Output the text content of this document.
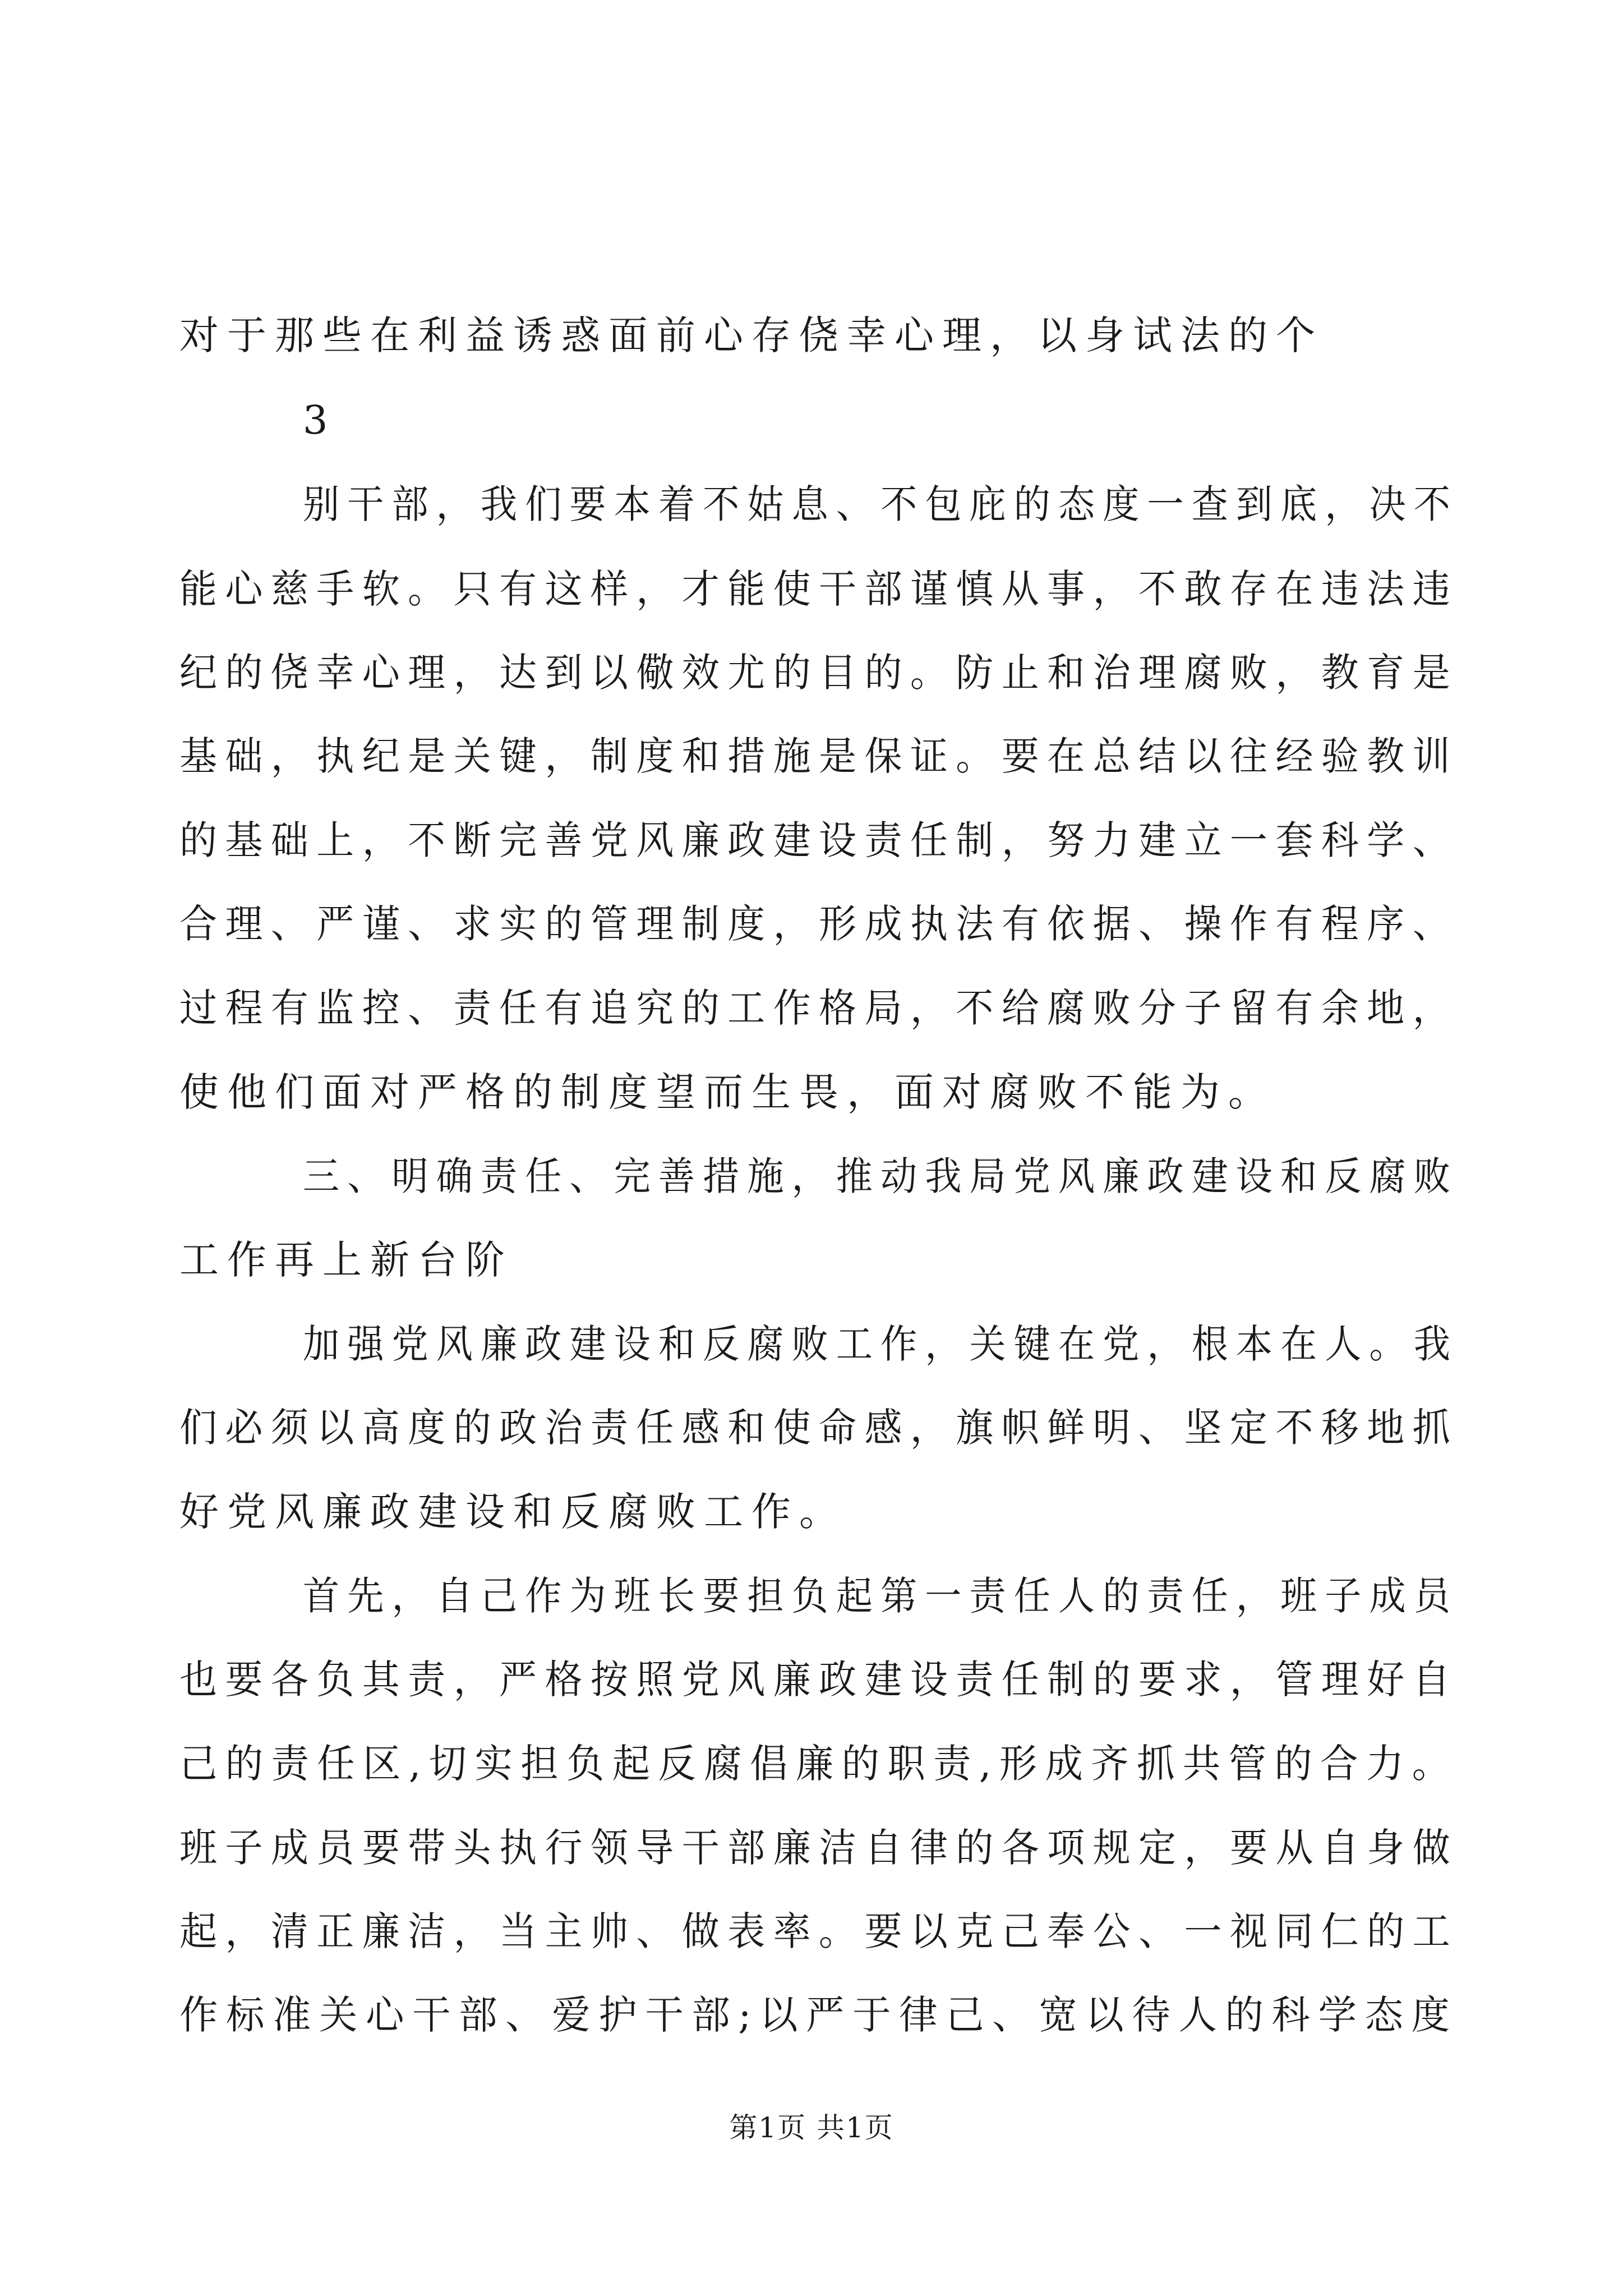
对于那些在利益诱惑面前心存侥幸心理，以身试法的个
3
别干部，我们要本着不姑息、不包庇的态度一查到底，决不
能心慈手软。只有这样，才能使干部谨慎从事，不敢存在违法违
纪的侥幸心理，达到以儆效尤的目的。防止和治理腐败，教育是
基础，执纪是关键，制度和措施是保证。要在总结以往经验教训
的基础上，不断完善党风廉政建设责任制，努力建立一套科学、
合理、严谨、求实的管理制度，形成执法有依据、操作有程序、
过程有监控、责任有追究的工作格局，不给腐败分子留有余地，
使他们面对严格的制度望而生畏，面对腐败不能为。
三、明确责任、完善措施，推动我局党风廉政建设和反腐败
工作再上新台阶
加强党风廉政建设和反腐败工作，关键在党，根本在人。我
们必须以高度的政治责任感和使命感，旗帜鲜明、坚定不移地抓
好党风廉政建设和反腐败工作。
首先，自己作为班长要担负起第一责任人的责任，班子成员
也要各负其责，严格按照党风廉政建设责任制的要求，管理好自
己的责任区,切实担负起反腐倡廉的职责,形成齐抓共管的合力。
班子成员要带头执行领导干部廉洁自律的各项规定，要从自身做
起，清正廉洁，当主帅、做表率。要以克己奉公、一视同仁的工
作标准关心干部、爱护干部;以严于律己、宽以待人的科学态度
第1页 共1页
